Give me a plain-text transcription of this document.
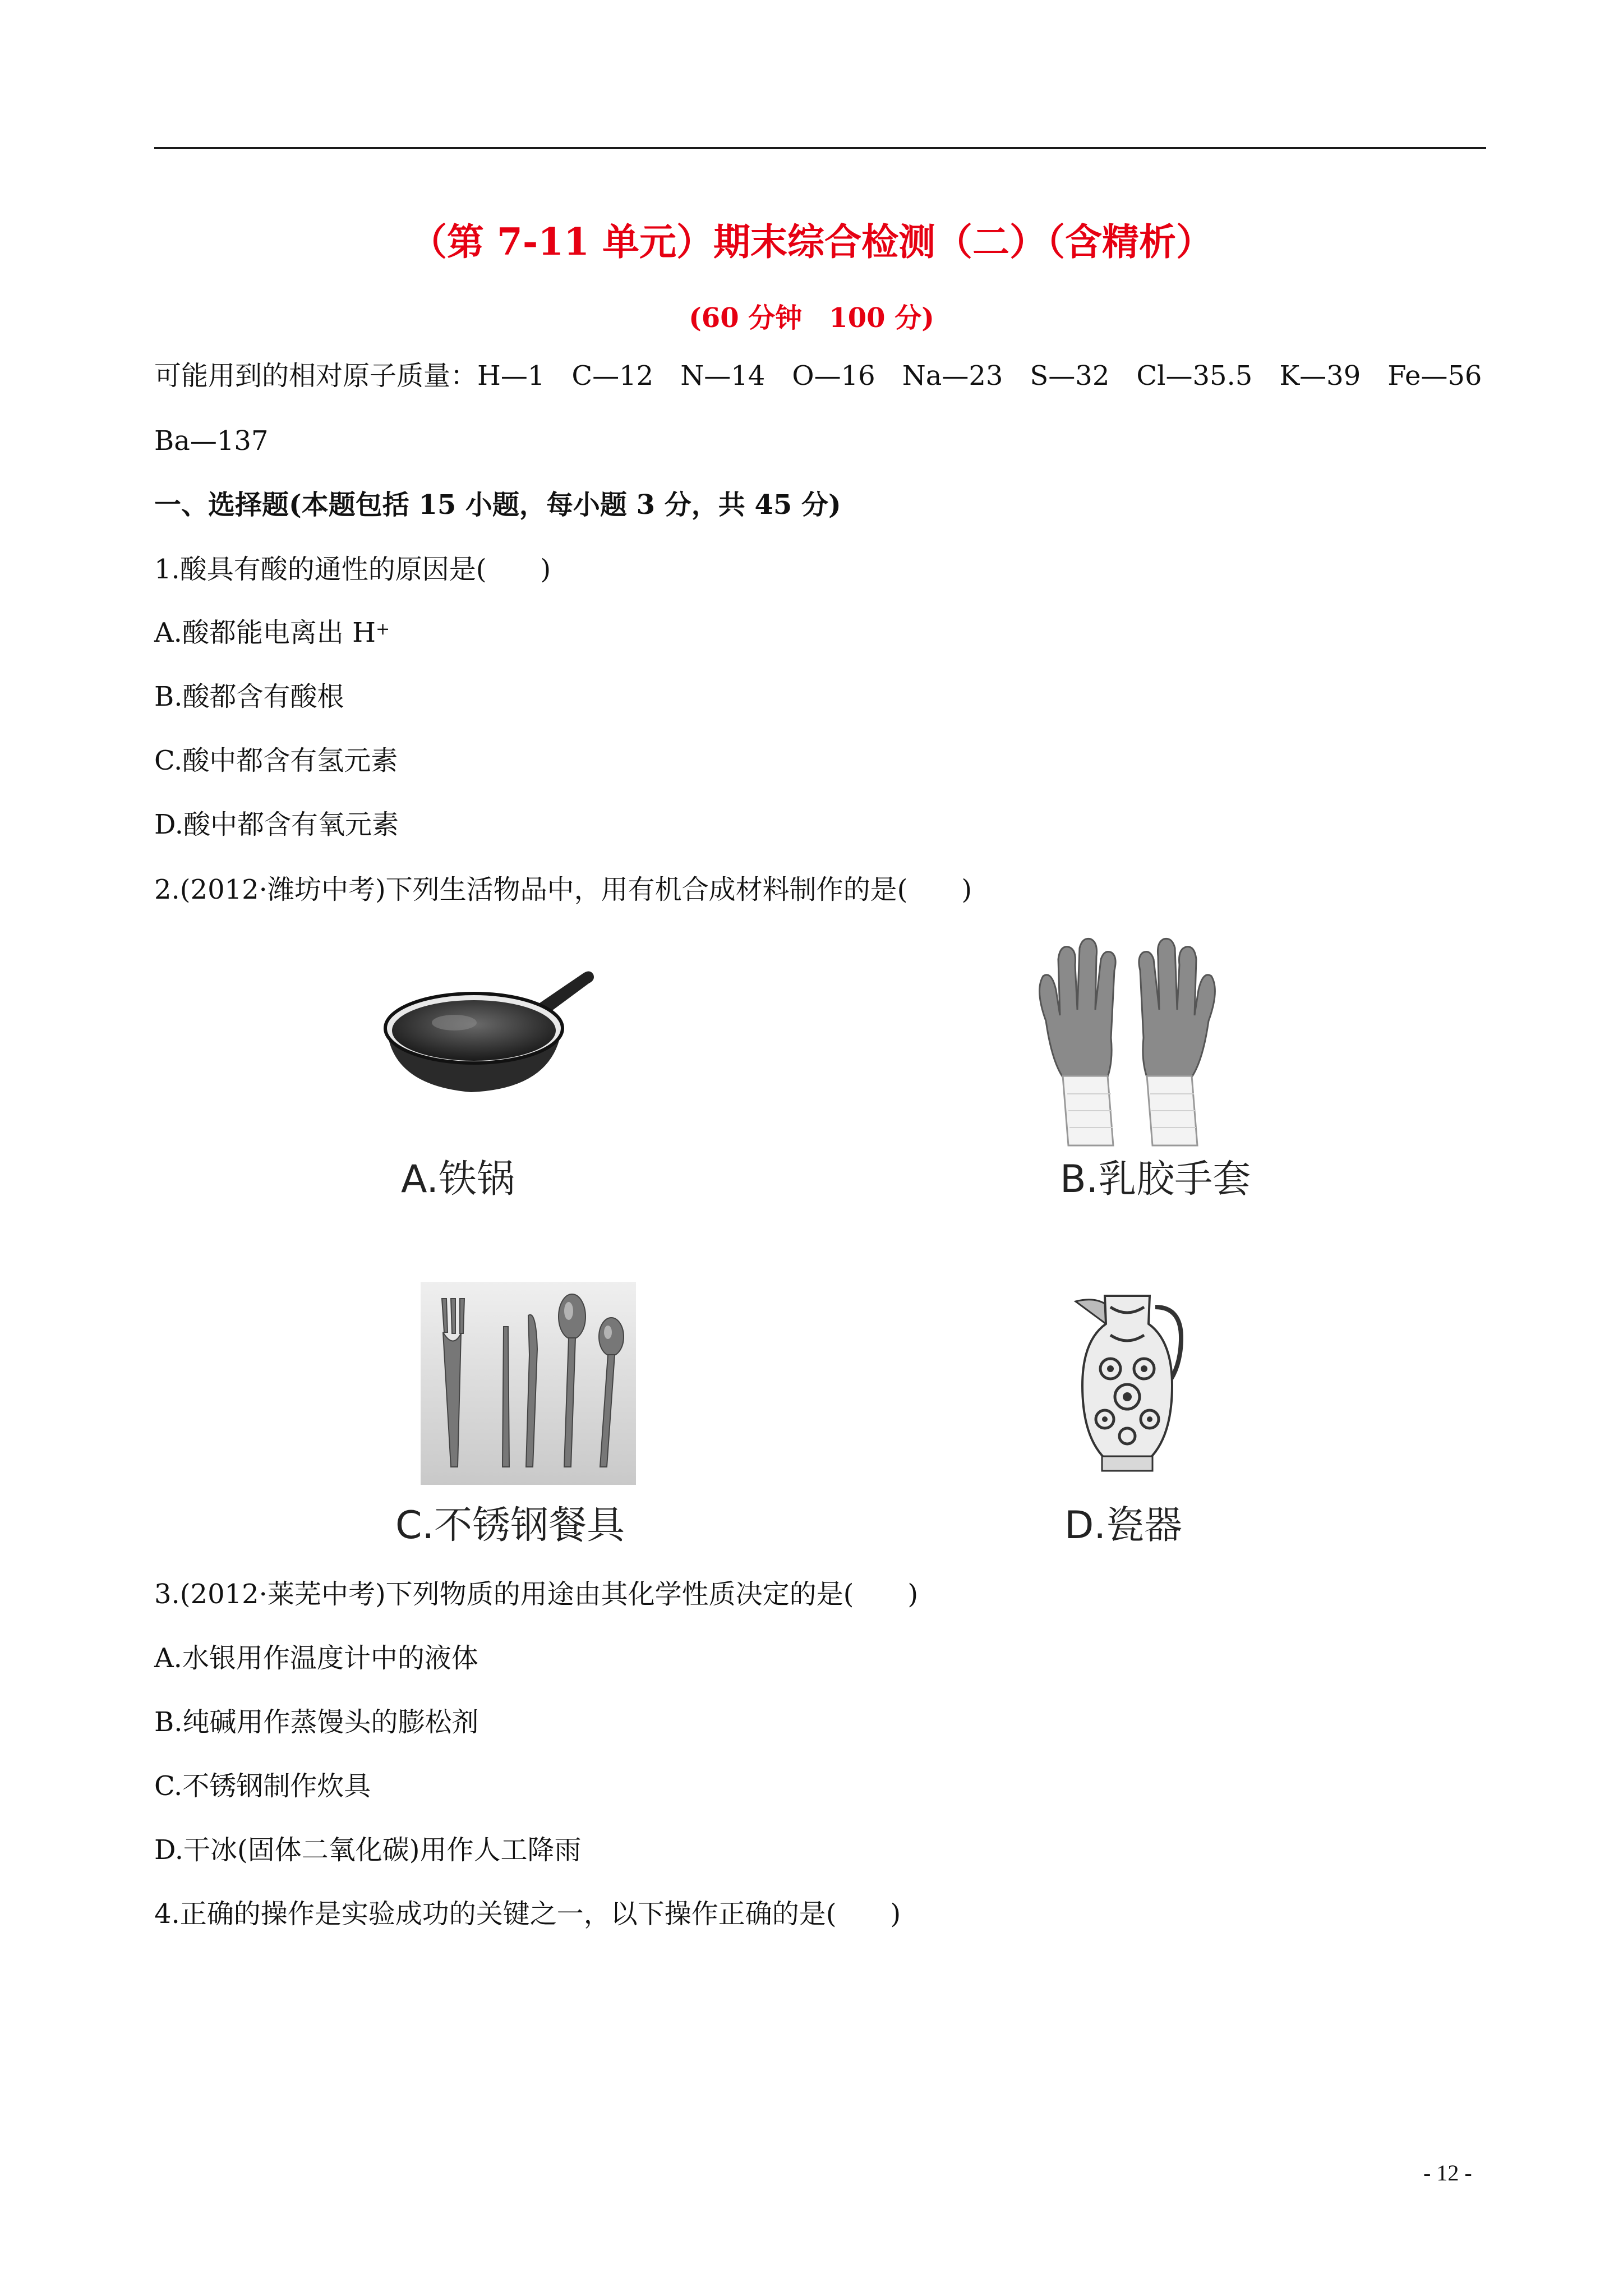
（第 7-11 单元）期末综合检测（二）（含精析）
(60 分钟　100 分)
可能用到的相对原子质量：H—1　C—12　N—14　O—16　Na—23　S—32　Cl—35.5　K—39　Fe—56
Ba—137
一、选择题(本题包括 15 小题，每小题 3 分，共 45 分)
1.酸具有酸的通性的原因是(　　)
A.酸都能电离出 H+
B.酸都含有酸根
C.酸中都含有氢元素
D.酸中都含有氧元素
2.(2012·潍坊中考)下列生活物品中，用有机合成材料制作的是(　　)
A.铁锅	B.乳胶手套
C.不锈钢餐具	D.瓷器
3.(2012·莱芜中考)下列物质的用途由其化学性质决定的是(　　)
A.水银用作温度计中的液体
B.纯碱用作蒸馒头的膨松剂
C.不锈钢制作炊具
D.干冰(固体二氧化碳)用作人工降雨
4.正确的操作是实验成功的关键之一，以下操作正确的是(　　)
- 12 -
